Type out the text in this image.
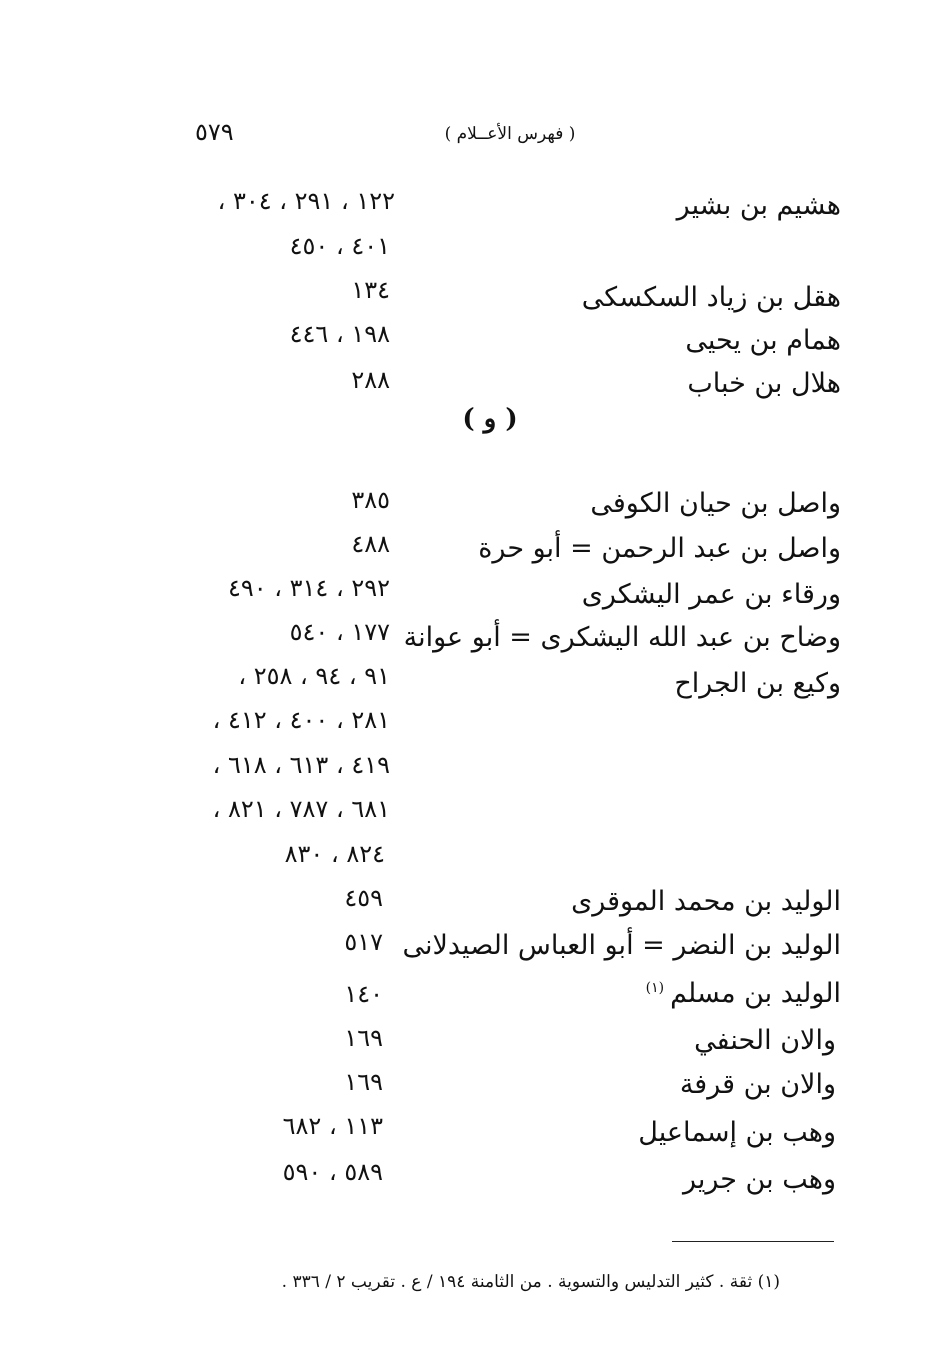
٥٧٩	( فهرس الأعــلام )
هشيم بن بشير
١٢٢ ، ٢٩١ ، ٣٠٤ ،
٤٠١ ، ٤٥٠
هقل بن زياد السكسكى
١٣٤
همام بن يحيى
١٩٨ ، ٤٤٦
هلال بن خباب
٢٨٨
( و )
واصل بن حيان الكوفى
٣٨٥
واصل بن عبد الرحمن = أبو حرة
٤٨٨
ورقاء بن عمر اليشكرى
٢٩٢ ، ٣١٤ ، ٤٩٠
وضاح بن عبد الله اليشكرى = أبو عوانة
١٧٧ ، ٥٤٠
وكيع بن الجراح
٩١ ، ٩٤ ، ٢٥٨ ،
٢٨١ ، ٤٠٠ ، ٤١٢ ،
٤١٩ ، ٦١٣ ، ٦١٨ ،
٦٨١ ، ٧٨٧ ، ٨٢١ ،
٨٢٤ ، ٨٣٠
الوليد بن محمد الموقرى
٤٥٩
الوليد بن النضر = أبو العباس الصيدلانى
٥١٧
الوليد بن مسلم$^{(١)}$
١٤٠
والان الحنفي
١٦٩
والان بن قرفة
١٦٩
وهب بن إسماعيل
١١٣ ، ٦٨٢
وهب بن جرير
٥٨٩ ، ٥٩٠
(١) ثقة . كثير التدليس والتسوية . من الثامنة ١٩٤ / ع . تقريب ٢ / ٣٣٦ .
